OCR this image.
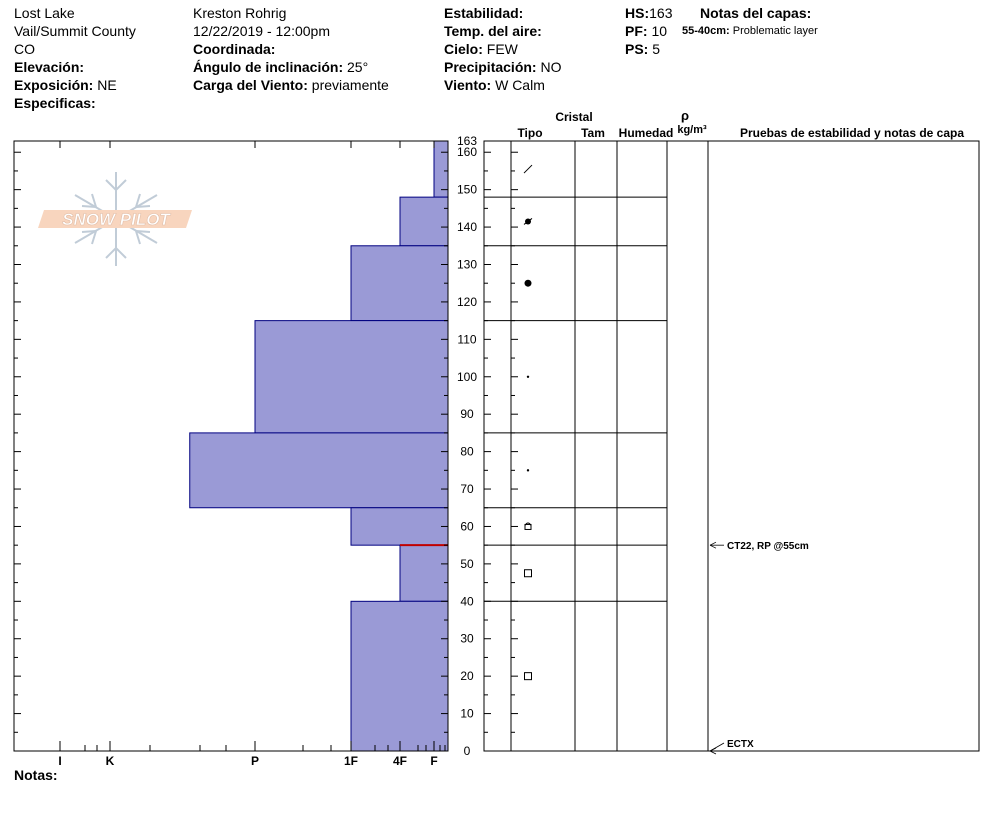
Lost Lake
Vail/Summit County
CO
Elevación:
Exposición: NE
Especificas:
Kreston Rohrig
12/22/2019 - 12:00pm
Coordinada:
Ángulo de inclinación: 25°
Carga del Viento: previamente
Estabilidad:
Temp. del aire:
Cielo: FEW
Precipitación: NO
Viento: W Calm
HS:163
PF: 10
PS: 5
Notas del capas:
55-40cm: Problematic layer
Notas:
SNOW PILOT
I	K	P	1F	4F F
0
10
20
30
40
50
60
70
80
90
100
110
120
130
140
150
160
163
Cristal
Tipo	Tam Humedad
ρ
kg/m³	Pruebas de estabilidad y notas de capa
CT22, RP @55cm
ECTX
